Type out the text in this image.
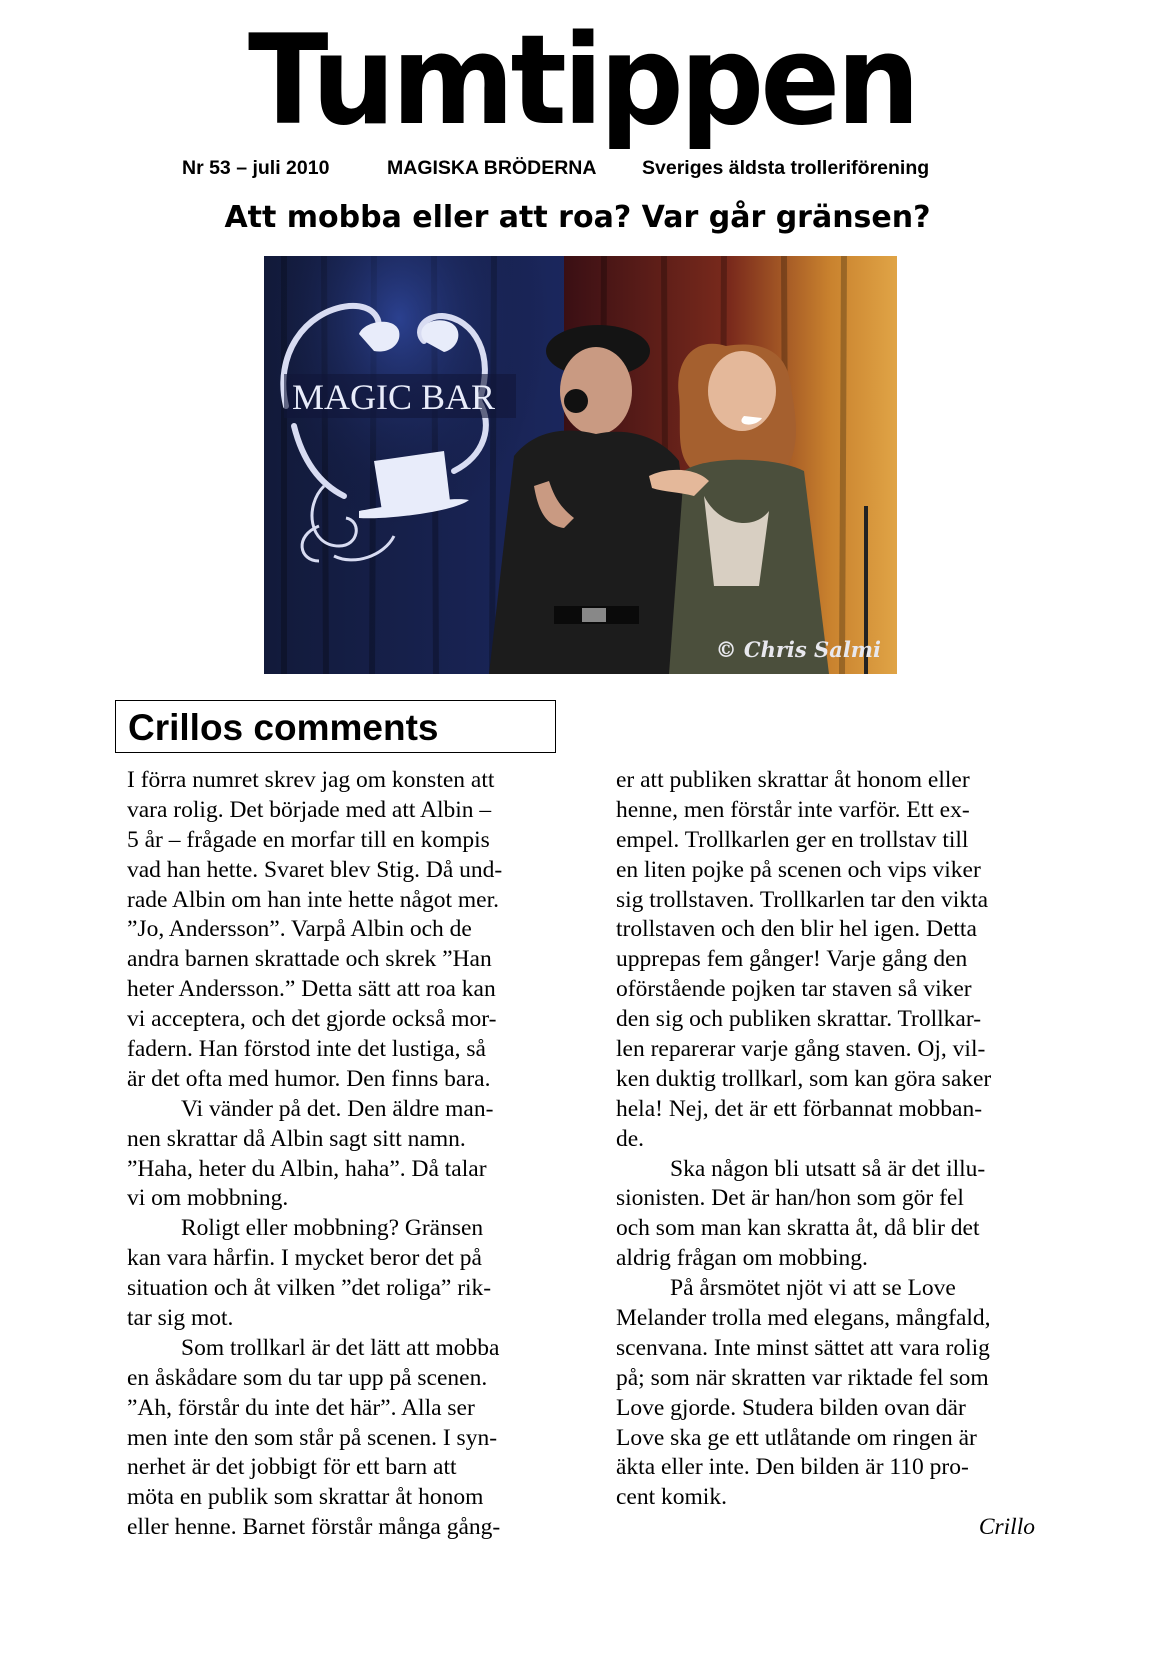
Tumtippen
Nr 53 – juli 2010	MAGISKA BRÖDERNA Sveriges äldsta trolleriförening
Att mobba eller att roa? Var går gränsen?
MAGIC BAR
© Chris Salmi
Crillos comments
I förra numret skrev jag om konsten att
vara rolig. Det började med att Albin –
5 år – frågade en morfar till en kompis
vad han hette. Svaret blev Stig. Då und-
rade Albin om han inte hette något mer.
”Jo, Andersson”. Varpå Albin och de
andra barnen skrattade och skrek ”Han
heter Andersson.” Detta sätt att roa kan
vi acceptera, och det gjorde också mor-
fadern. Han förstod inte det lustiga, så
är det ofta med humor. Den finns bara.
Vi vänder på det. Den äldre man-
nen skrattar då Albin sagt sitt namn.
”Haha, heter du Albin, haha”. Då talar
vi om mobbning.
Roligt eller mobbning? Gränsen
kan vara hårfin. I mycket beror det på
situation och åt vilken ”det roliga” rik-
tar sig mot.
Som trollkarl är det lätt att mobba
en åskådare som du tar upp på scenen.
”Ah, förstår du inte det här”. Alla ser
men inte den som står på scenen. I syn-
nerhet är det jobbigt för ett barn att
möta en publik som skrattar åt honom
eller henne. Barnet förstår många gång-
er att publiken skrattar åt honom eller
henne, men förstår inte varför. Ett ex-
empel. Trollkarlen ger en trollstav till
en liten pojke på scenen och vips viker
sig trollstaven. Trollkarlen tar den vikta
trollstaven och den blir hel igen. Detta
upprepas fem gånger! Varje gång den
oförstående pojken tar staven så viker
den sig och publiken skrattar. Trollkar-
len reparerar varje gång staven. Oj, vil-
ken duktig trollkarl, som kan göra saker
hela! Nej, det är ett förbannat mobban-
de.
Ska någon bli utsatt så är det illu-
sionisten. Det är han/hon som gör fel
och som man kan skratta åt, då blir det
aldrig frågan om mobbing.
På årsmötet njöt vi att se Love
Melander trolla med elegans, mångfald,
scenvana. Inte minst sättet att vara rolig
på; som när skratten var riktade fel som
Love gjorde. Studera bilden ovan där
Love ska ge ett utlåtande om ringen är
äkta eller inte. Den bilden är 110 pro-
cent komik.
Crillo
